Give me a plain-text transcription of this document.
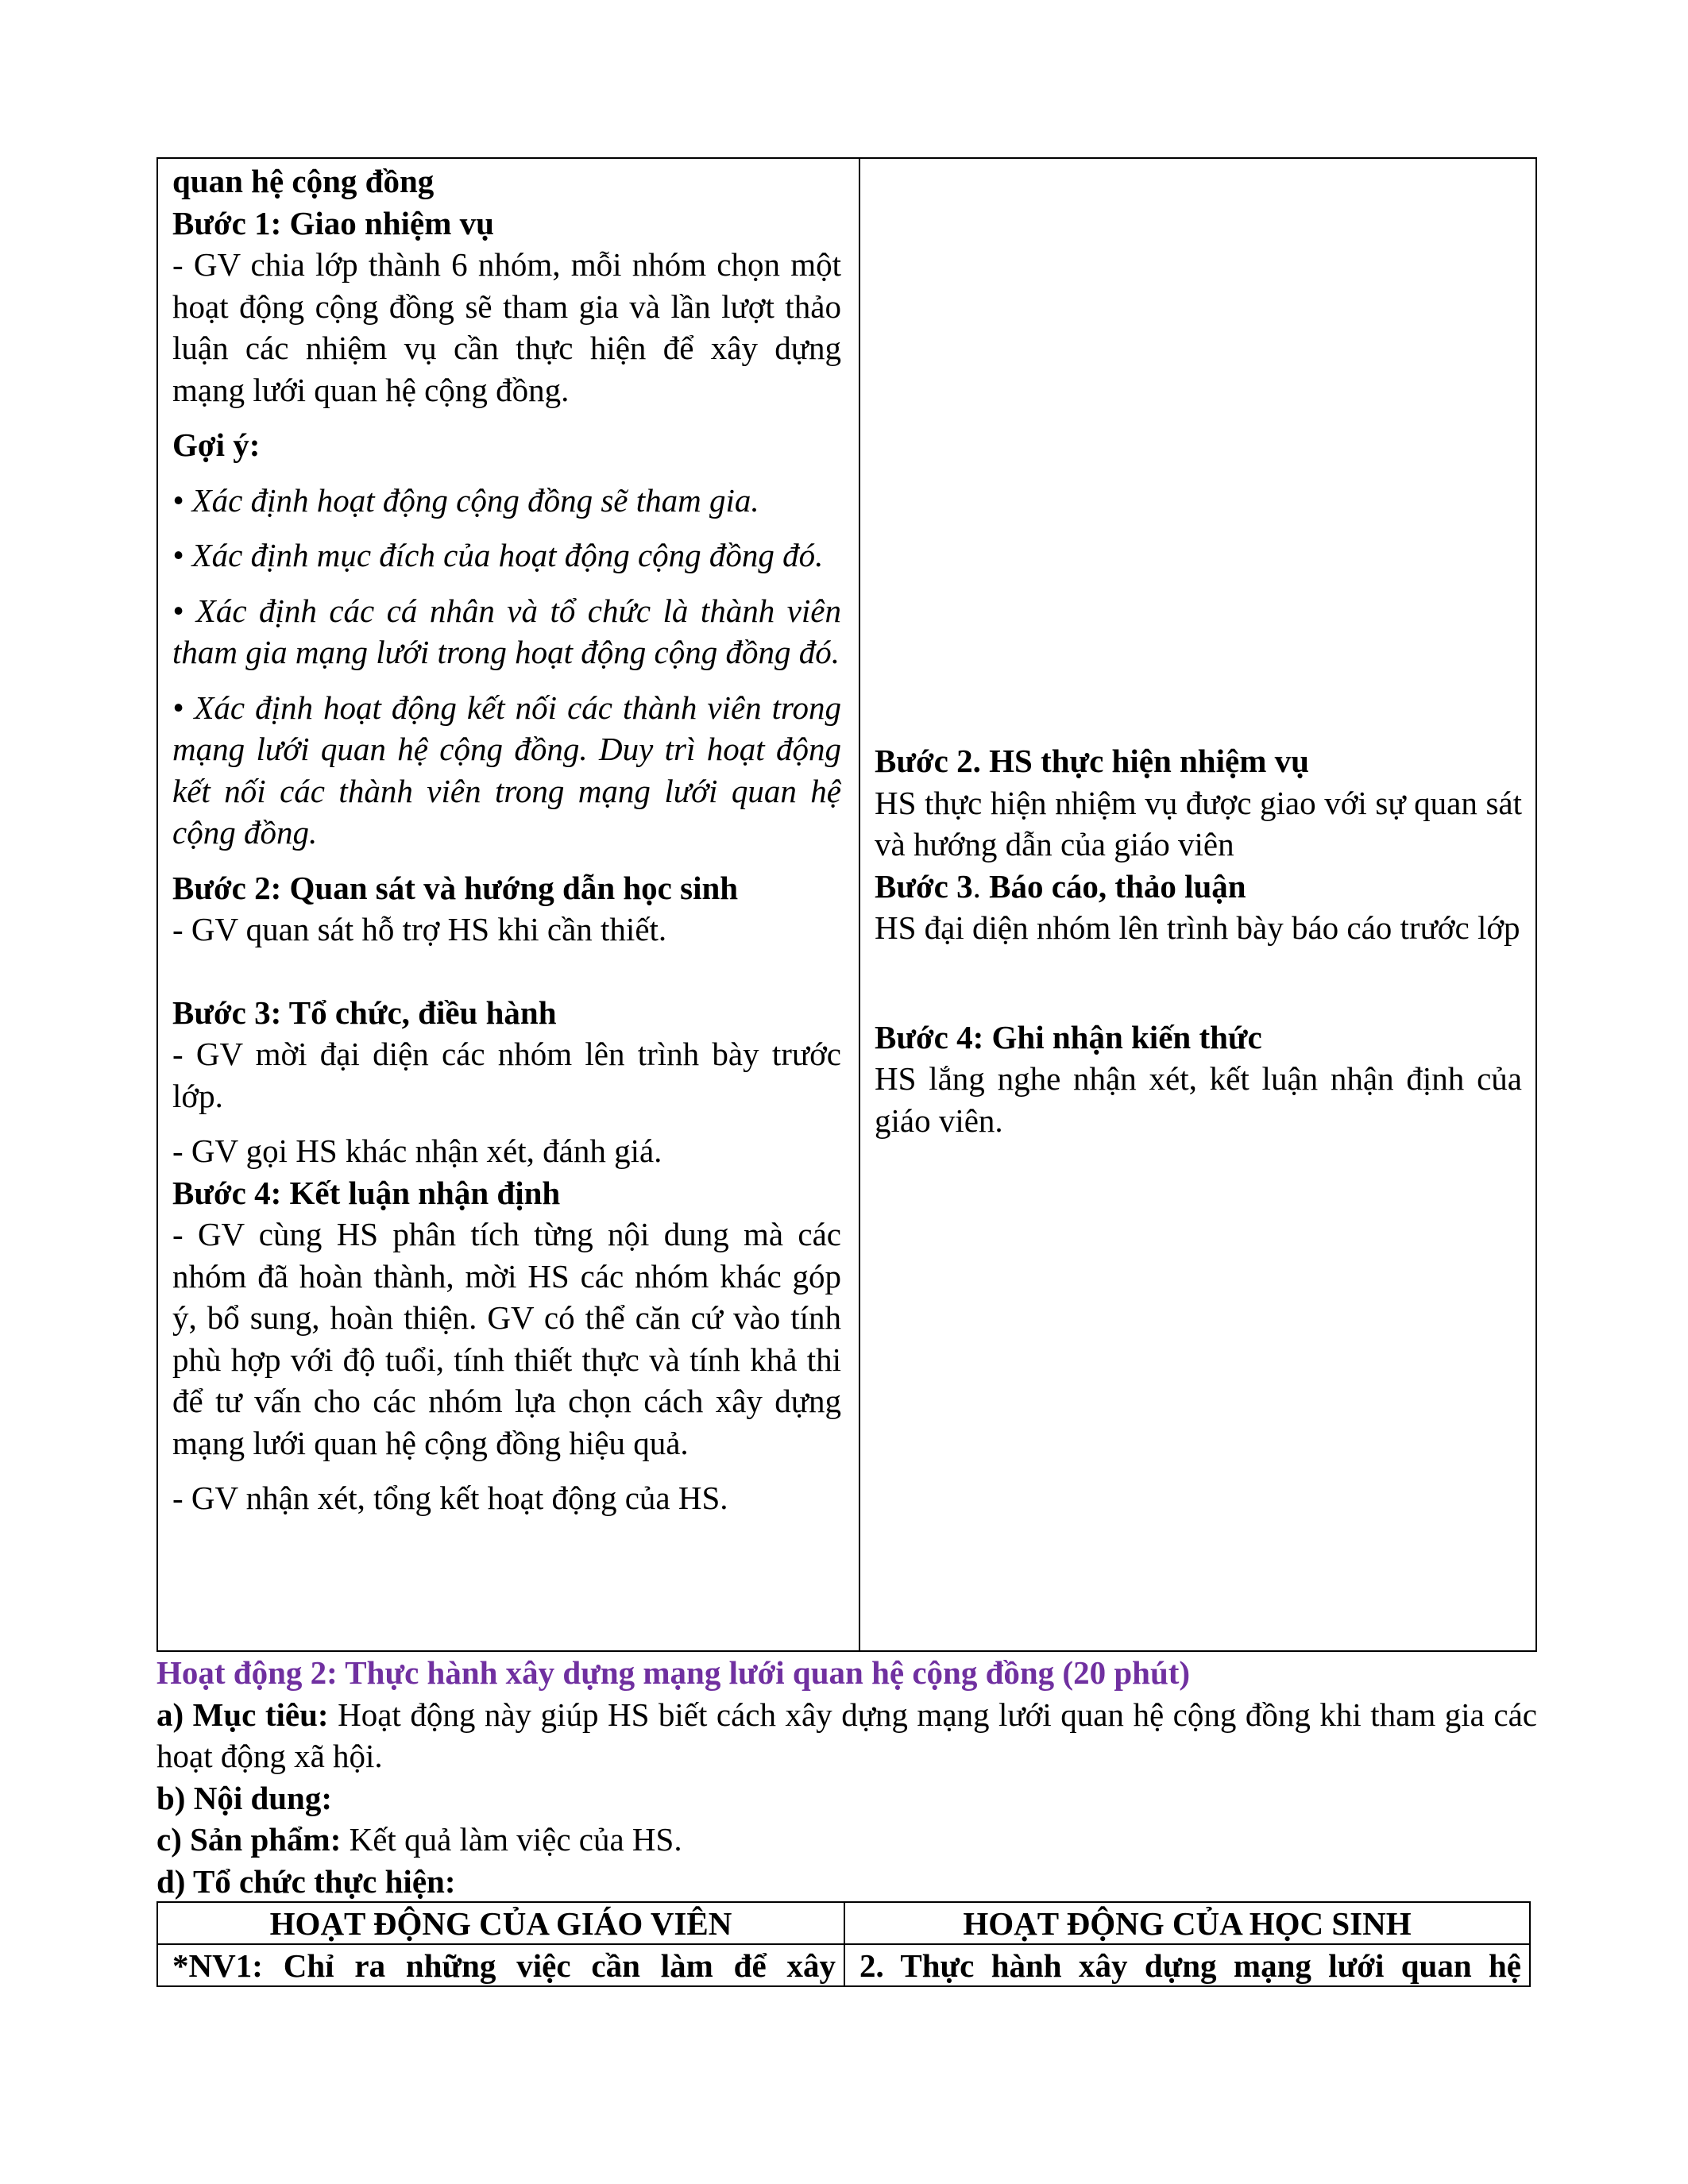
quan hệ cộng đồng

Bước 1: Giao nhiệm vụ

- GV chia lớp thành 6 nhóm, mỗi nhóm chọn một hoạt động cộng đồng sẽ tham gia và lần lượt thảo luận các nhiệm vụ cần thực hiện để xây dựng mạng lưới quan hệ cộng đồng.

Gợi ý:

• Xác định hoạt động cộng đồng sẽ tham gia.

• Xác định mục đích của hoạt động cộng đồng đó.

• Xác định các cá nhân và tổ chức là thành viên tham gia mạng lưới trong hoạt động cộng đồng đó.

• Xác định hoạt động kết nối các thành viên trong mạng lưới quan hệ cộng đồng. Duy trì hoạt động kết nối các thành viên trong mạng lưới quan hệ cộng đồng.

Bước 2: Quan sát và hướng dẫn học sinh

- GV quan sát hỗ trợ HS khi cần thiết.

Bước 3: Tổ chức, điều hành

- GV mời đại diện các nhóm lên trình bày trước lớp.

- GV gọi HS khác nhận xét, đánh giá.

Bước 4: Kết luận nhận định

- GV cùng HS phân tích từng nội dung mà các nhóm đã hoàn thành, mời HS các nhóm khác góp ý, bổ sung, hoàn thiện. GV có thể căn cứ vào tính phù hợp với độ tuổi, tính thiết thực và tính khả thi để tư vấn cho các nhóm lựa chọn cách xây dựng mạng lưới quan hệ cộng đồng hiệu quả.

- GV nhận xét, tổng kết hoạt động của HS.

Bước 2. HS thực hiện nhiệm vụ

HS thực hiện nhiệm vụ được giao với sự quan sát và hướng dẫn của giáo viên

Bước 3. Báo cáo, thảo luận

HS đại diện nhóm lên trình bày báo cáo trước lớp

Bước 4: Ghi nhận kiến thức

HS lắng nghe nhận xét, kết luận nhận định của giáo viên.

Hoạt động 2: Thực hành xây dựng mạng lưới quan hệ cộng đồng (20 phút)

a) Mục tiêu: Hoạt động này giúp HS biết cách xây dựng mạng lưới quan hệ cộng đồng khi tham gia các hoạt động xã hội.

b) Nội dung:

c) Sản phẩm: Kết quả làm việc của HS.

d) Tổ chức thực hiện:

HOẠT ĐỘNG CỦA GIÁO VIÊN	HOẠT ĐỘNG CỦA HỌC SINH
*NV1: Chỉ ra những việc cần làm để xây 2. Thực hành xây dựng mạng lưới quan hệ
